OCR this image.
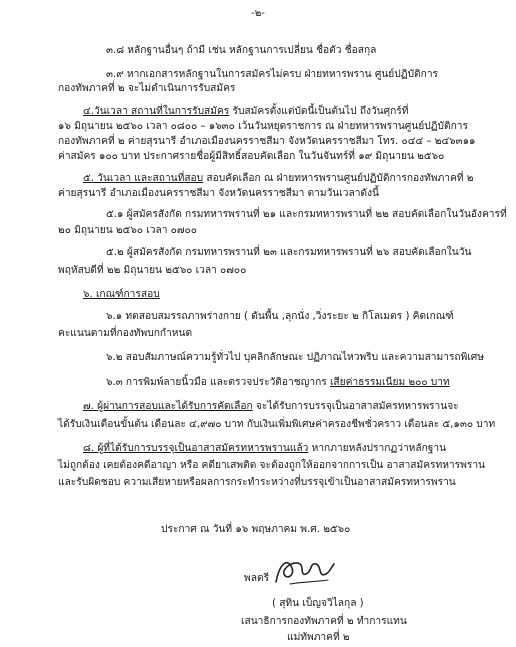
-๒-
๓.๘ หลักฐานอื่นๆ ถ้ามี เช่น หลักฐานการเปลี่ยน ชื่อตัว ชื่อสกุล
๓.๙ หากเอกสารหลักฐานในการสมัครไม่ครบ ฝ่ายทหารพราน ศูนย์ปฏิบัติการ
กองทัพภาคที่ ๒ จะไม่ดำเนินการรับสมัคร
๔.วันเวลา สถานที่ในการรับสมัคร รับสมัครตั้งแต่บัดนี้เป็นต้นไป ถึงวันศุกร์ที่
๑๖ มิถุนายน ๒๕๖๐ เวลา ๐๘๐๐ – ๑๖๓๐ เว้นวันหยุดราชการ ณ ฝ่ายทหารพรานศูนย์ปฏิบัติการ
กองทัพภาคที่ ๒ ค่ายสุรนารี อำเภอเมืองนครราชสีมา จังหวัดนครราชสีมา โทร. ๐๔๔ – ๒๔๖๓๑๑
ค่าสมัคร ๑๐๐ บาท ประกาศรายชื่อผู้มีสิทธิ์สอบคัดเลือก ในวันจันทร์ที่ ๑๙ มิถุนายน ๒๕๖๐
๕. วันเวลา และสถานที่สอบ สอบคัดเลือก ณ ฝ่ายทหารพรานศูนย์ปฏิบัติการกองทัพภาคที่ ๒
ค่ายสุรนารี อำเภอเมืองนครราชสีมา จังหวัดนครราชสีมา ตามวันเวลาดังนี้
๕.๑ ผู้สมัครสังกัด กรมทหารพรานที่ ๒๑ และกรมทหารพรานที่ ๒๒ สอบคัดเลือกในวันอังคารที่
๒๐ มิถุนายน ๒๕๖๐ เวลา ๐๗๐๐
๕.๒ ผู้สมัครสังกัด กรมทหารพรานที่ ๒๓ และกรมทหารพรานที่ ๒๖ สอบคัดเลือกในวัน
พฤหัสบดีที่ ๒๒ มิถุนายน ๒๕๖๐ เวลา ๐๗๐๐
๖. เกณฑ์การสอบ
๖.๑ ทดสอบสมรรถภาพร่างกาย ( ดันพื้น ,ลุกนั่ง ,วิ่งระยะ ๒ กิโลเมตร ) คิดเกณฑ์
คะแนนตามที่กองทัพบกกำหนด
๖.๒ สอบสัมภาษณ์ความรู้ทั่วไป บุคลิกลักษณะ ปฏิภาณไหวพริบ และความสามารถพิเศษ
๖.๓ การพิมพ์ลายนิ้วมือ และตรวจประวัติอาชญากร เสียค่าธรรมเนียม ๒๐๐ บาท
๗. ผู้ผ่านการสอบและได้รับการคัดเลือก จะได้รับการบรรจุเป็นอาสาสมัครทหารพรานจะ
ได้รับเงินเดือนขั้นต้น เดือนละ ๔,๙๗๐ บาท กับเงินเพิ่มพิเศษค่าครองชีพชั่วคราว เดือนละ ๕,๑๓๐ บาท
๘. ผู้ที่ได้รับการบรรจุเป็นอาสาสมัครทหารพรานแล้ว หากภายหลังปรากฏว่าหลักฐาน
ไม่ถูกต้อง เคยต้องคดีอาญา หรือ คดียาเสพติด จะต้องถูกให้ออกจากการเป็น อาสาสมัครทหารพราน
และรับผิดชอบ ความเสียหายหรือผลการกระทำระหว่างที่บรรจุเข้าเป็นอาสาสมัครทหารพราน
ประกาศ ณ วันที่ ๑๖ พฤษภาคม พ.ศ. ๒๕๖๐
พลตรี
( สุทิน เบ็ญจวิไลกุล )
เสนาธิการกองทัพภาคที่ ๒ ทำการแทน
แม่ทัพภาคที่ ๒
